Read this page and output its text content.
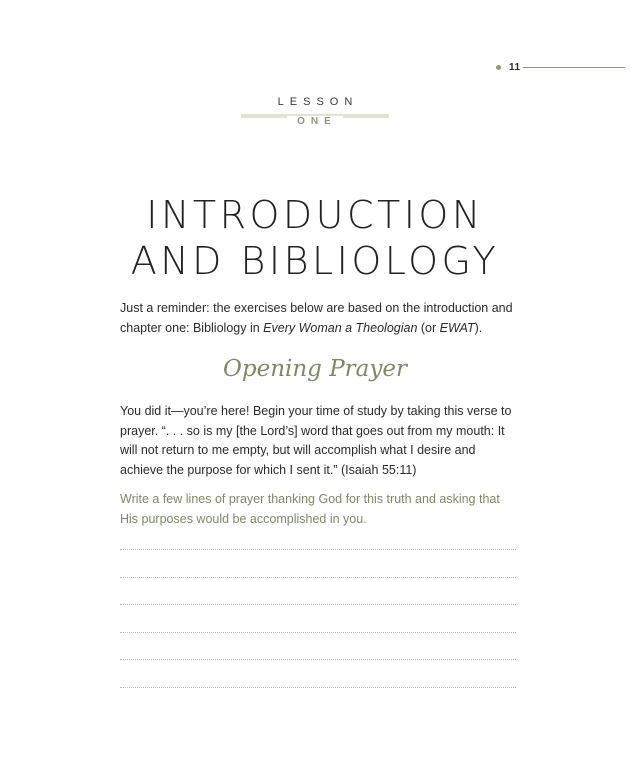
11
LESSON
ONE
INTRODUCTION
AND BIBLIOLOGY

Just a reminder: the exercises below are based on the introduction and chapter one: Bibliology in Every Woman a Theologian (or EWAT).

Opening Prayer

You did it—you’re here! Begin your time of study by taking this verse to prayer. “. . . so is my [the Lord’s] word that goes out from my mouth: It will not return to me empty, but will accomplish what I desire and achieve the purpose for which I sent it.” (Isaiah 55:11)

Write a few lines of prayer thanking God for this truth and asking that His purposes would be accomplished in you.
